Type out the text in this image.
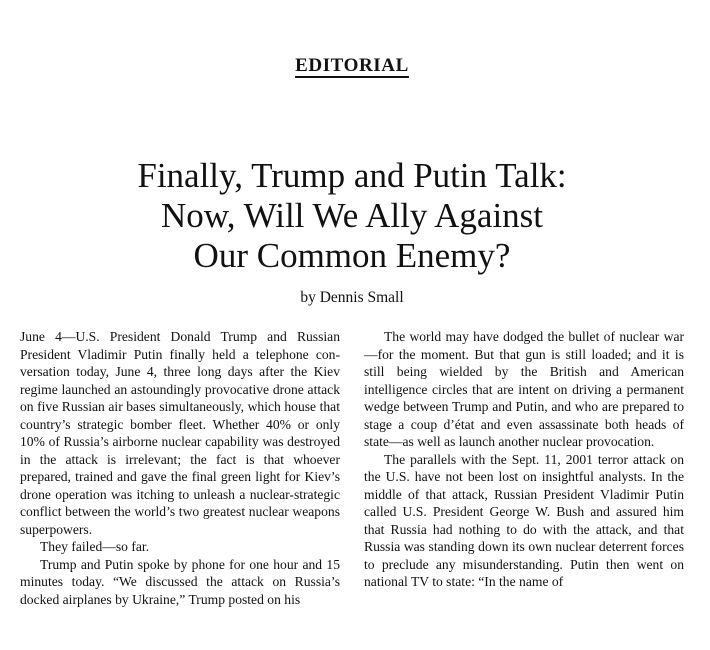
EDITORIAL
Finally, Trump and Putin Talk:
Now, Will We Ally Against
Our Common Enemy?
by Dennis Small

June 4—U.S. President Donald Trump and Russian President Vladimir Putin finally held a telephone conversation today, June 4, three long days after the Kiev regime launched an astoundingly provocative drone attack on five Russian air bases simultaneously, which house that country’s strategic bomber fleet. Whether 40% or only 10% of Russia’s airborne nuclear capability was destroyed in the attack is irrelevant; the fact is that whoever prepared, trained and gave the final green light for Kiev’s drone operation was itching to unleash a nuclear-strategic conflict between the world’s two greatest nuclear weapons superpowers.

They failed—so far.

Trump and Putin spoke by phone for one hour and 15 minutes today. “We discussed the attack on Russia’s docked airplanes by Ukraine,” Trump posted on his

The world may have dodged the bullet of nuclear war—for the moment. But that gun is still loaded; and it is still being wielded by the British and American intelligence circles that are intent on driving a permanent wedge between Trump and Putin, and who are prepared to stage a coup d’état and even assassinate both heads of state—as well as launch another nuclear provocation.

The parallels with the Sept. 11, 2001 terror attack on the U.S. have not been lost on insightful analysts. In the middle of that attack, Russian President Vladimir Putin called U.S. President George W. Bush and assured him that Russia had nothing to do with the attack, and that Russia was standing down its own nuclear deterrent forces to preclude any misunderstanding. Putin then went on national TV to state: “In the name of
